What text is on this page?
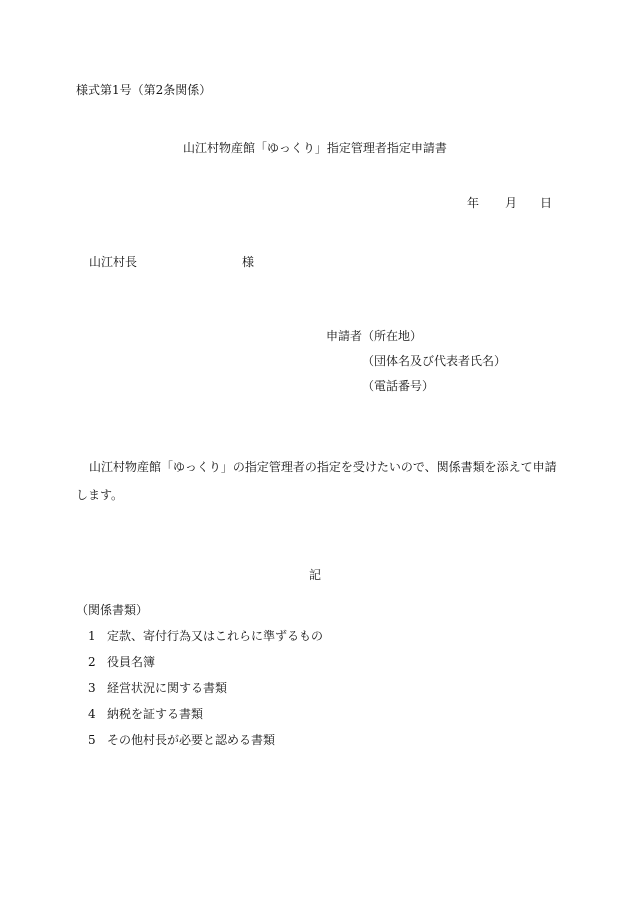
様式第1号（第2条関係）
山江村物産館「ゆっくり」指定管理者指定申請書
年 月 日
山江村長	様
申請者（所在地）
（団体名及び代表者氏名）
（電話番号）
山江村物産館「ゆっくり」の指定管理者の指定を受けたいので、関係書類を添えて申請
します。
記
（関係書類）
1 定款、寄付行為又はこれらに準ずるもの
2 役員名簿
3 経営状況に関する書類
4 納税を証する書類
5 その他村長が必要と認める書類
